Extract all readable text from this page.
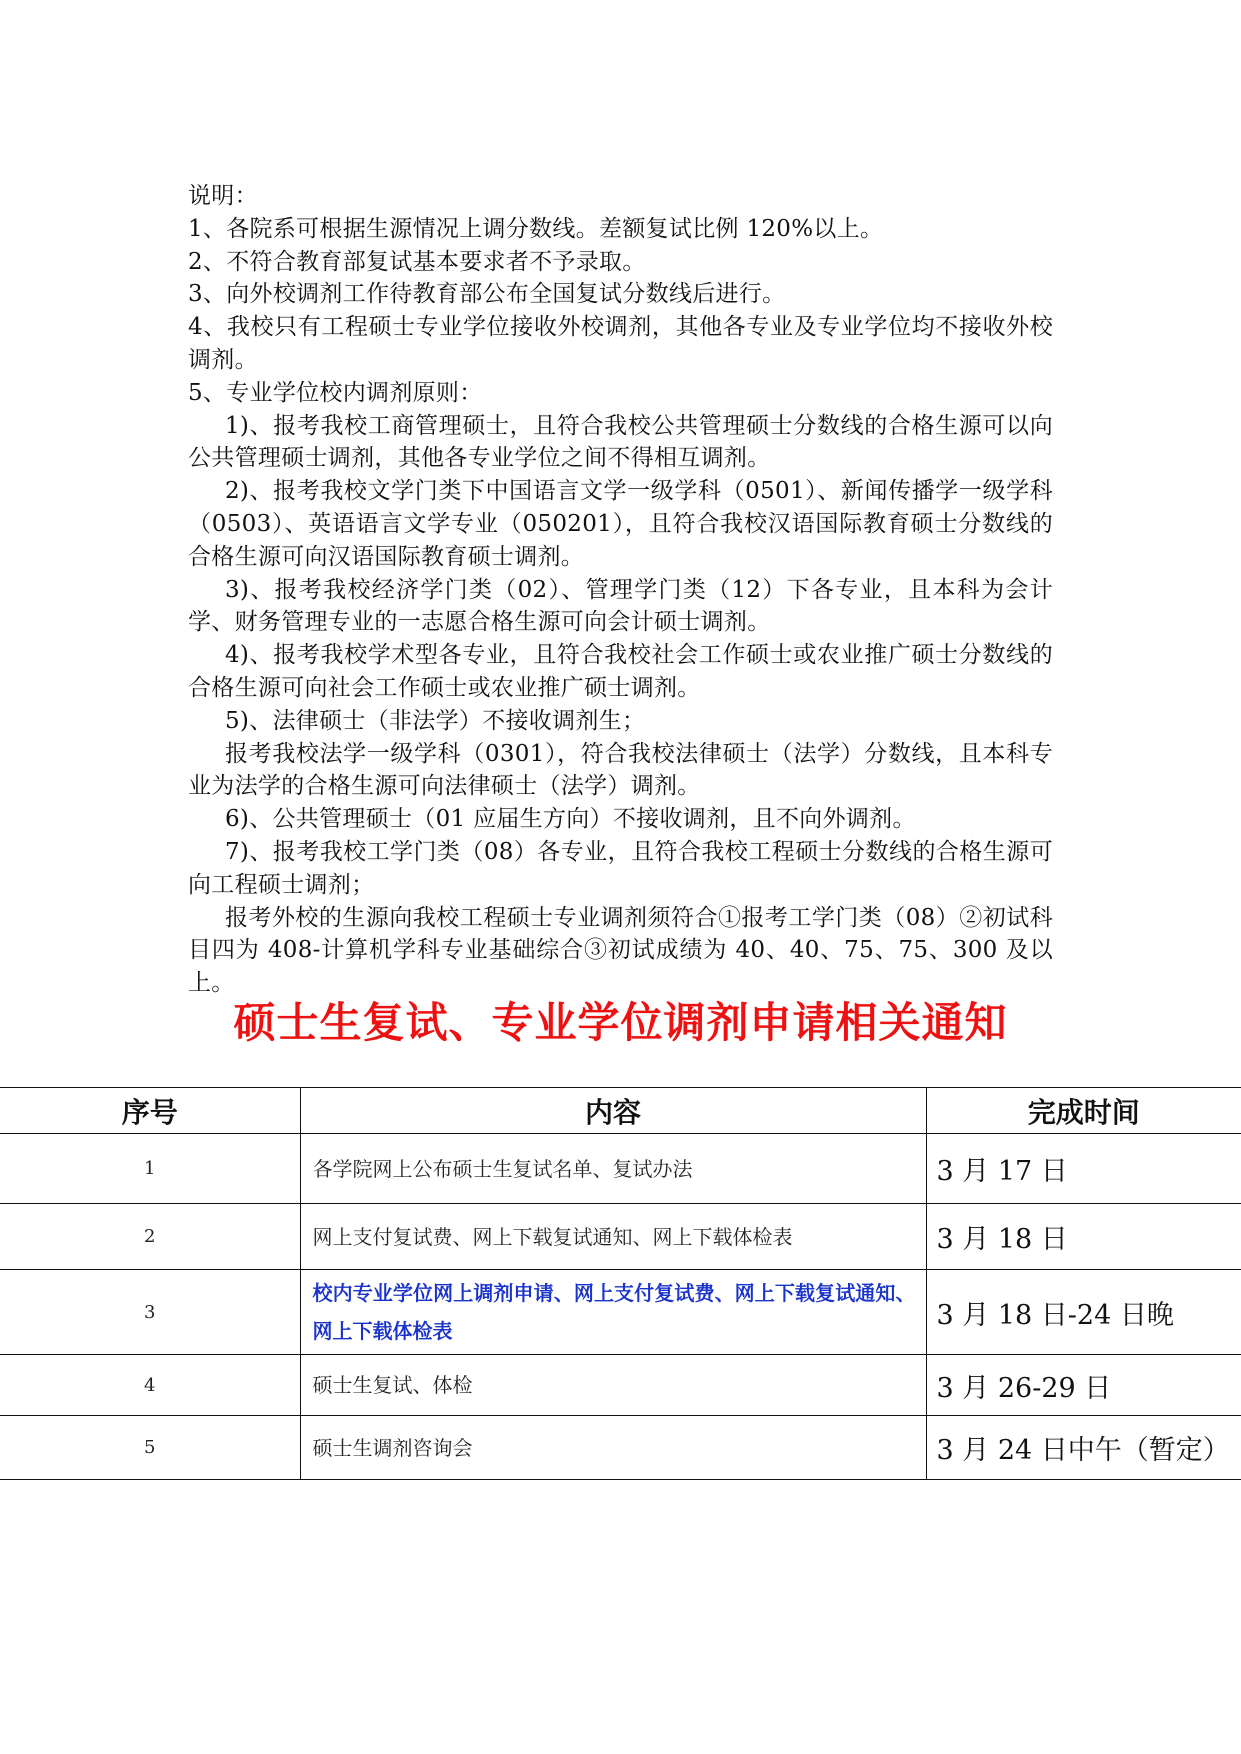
说明：

1、各院系可根据生源情况上调分数线。差额复试比例 120%以上。

2、不符合教育部复试基本要求者不予录取。

3、向外校调剂工作待教育部公布全国复试分数线后进行。

4、我校只有工程硕士专业学位接收外校调剂，其他各专业及专业学位均不接收外校调剂。

5、专业学位校内调剂原则：

1)、报考我校工商管理硕士，且符合我校公共管理硕士分数线的合格生源可以向公共管理硕士调剂，其他各专业学位之间不得相互调剂。

2)、报考我校文学门类下中国语言文学一级学科（0501）、新闻传播学一级学科（0503）、英语语言文学专业（050201），且符合我校汉语国际教育硕士分数线的合格生源可向汉语国际教育硕士调剂。

3)、报考我校经济学门类（02）、管理学门类（12）下各专业，且本科为会计学、财务管理专业的一志愿合格生源可向会计硕士调剂。

4)、报考我校学术型各专业，且符合我校社会工作硕士或农业推广硕士分数线的合格生源可向社会工作硕士或农业推广硕士调剂。

5)、法律硕士（非法学）不接收调剂生；

报考我校法学一级学科（0301），符合我校法律硕士（法学）分数线，且本科专业为法学的合格生源可向法律硕士（法学）调剂。

6)、公共管理硕士（01 应届生方向）不接收调剂，且不向外调剂。

7)、报考我校工学门类（08）各专业，且符合我校工程硕士分数线的合格生源可向工程硕士调剂；

报考外校的生源向我校工程硕士专业调剂须符合①报考工学门类（08）②初试科目四为 408-计算机学科专业基础综合③初试成绩为 40、40、75、75、300 及以上。

硕士生复试、专业学位调剂申请相关通知
序号	内容	完成时间
1	各学院网上公布硕士生复试名单、复试办法	3 月 17 日
2	网上支付复试费、网上下载复试通知、网上下载体检表	3 月 18 日
3	校内专业学位网上调剂申请、网上支付复试费、网上下载复试通知、网上下载体检表	3 月 18 日-24 日晚
4	硕士生复试、体检	3 月 26-29 日
5	硕士生调剂咨询会	3 月 24 日中午（暂定）
